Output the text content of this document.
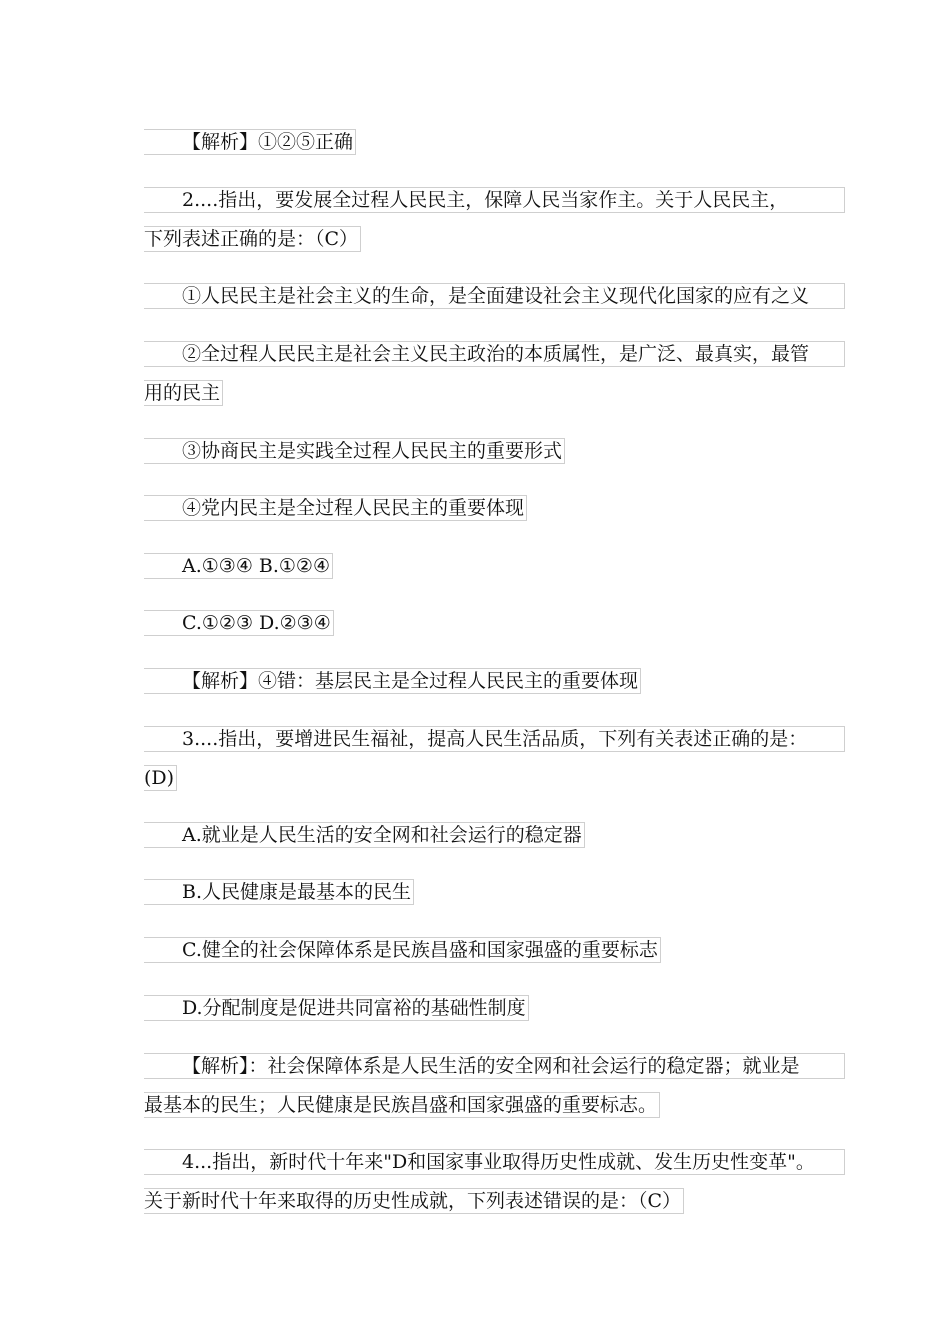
【解析】①②⑤正确
2....指出，要发展全过程人民民主，保障人民当家作主。关于人民民主，
下列表述正确的是：（C）
①人民民主是社会主义的生命，是全面建设社会主义现代化国家的应有之义
②全过程人民民主是社会主义民主政治的本质属性，是广泛、最真实，最管
用的民主
③协商民主是实践全过程人民民主的重要形式
④党内民主是全过程人民民主的重要体现
A.①③④ B.①②④
C.①②③ D.②③④
【解析】④错：基层民主是全过程人民民主的重要体现
3....指出，要增进民生福祉，提高人民生活品质，下列有关表述正确的是：
(D)
A.就业是人民生活的安全网和社会运行的稳定器
B.人民健康是最基本的民生
C.健全的社会保障体系是民族昌盛和国家强盛的重要标志
D.分配制度是促进共同富裕的基础性制度
【解析】：社会保障体系是人民生活的安全网和社会运行的稳定器；就业是
最基本的民生；人民健康是民族昌盛和国家强盛的重要标志。
4...指出，新时代十年来"D和国家事业取得历史性成就、发生历史性变革"。
关于新时代十年来取得的历史性成就，下列表述错误的是：（C）
